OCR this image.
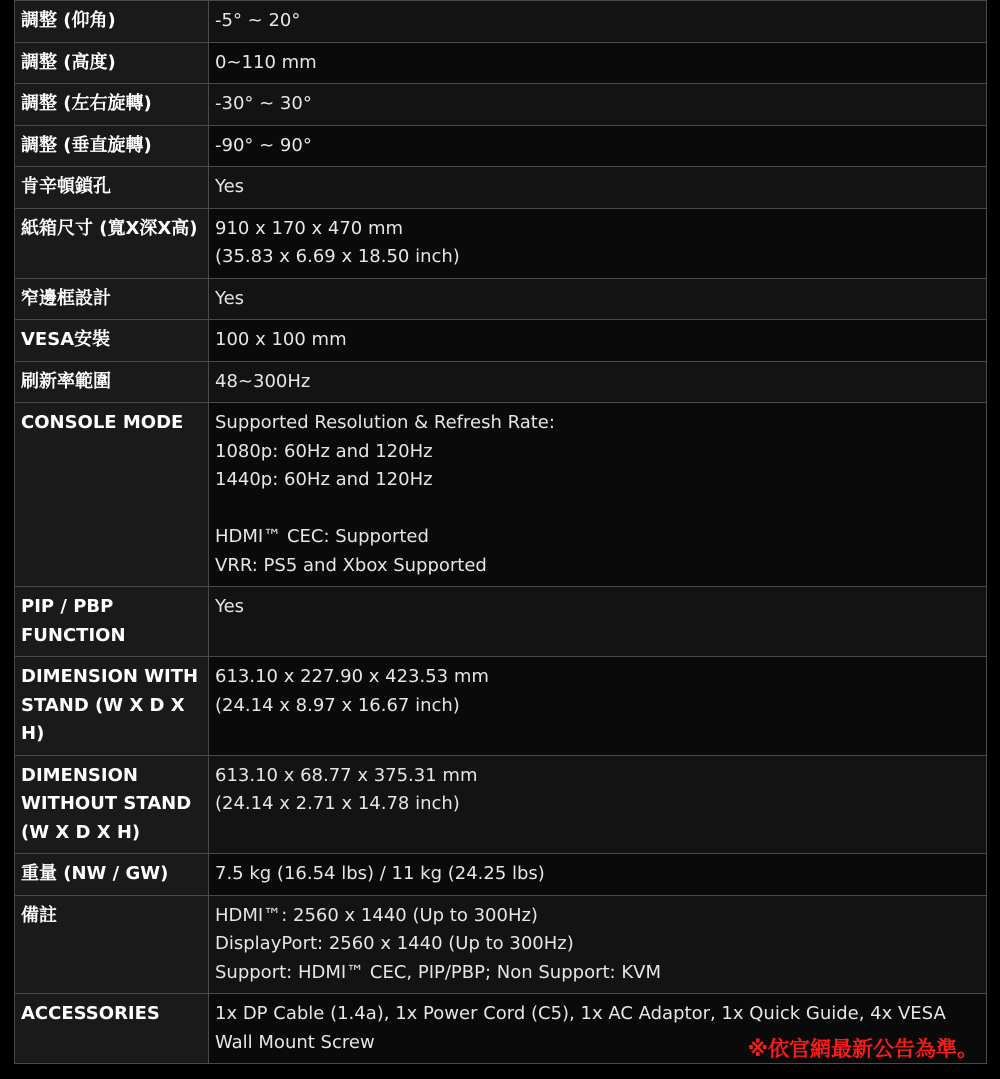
調整 (仰角)	-5° ~ 20°

調整 (高度)	0~110 mm

調整 (左右旋轉)	-30° ~ 30°

調整 (垂直旋轉)	-90° ~ 90°

肯辛頓鎖孔	Yes

紙箱尺寸 (寬X深X高)	910 x 170 x 470 mm
(35.83 x 6.69 x 18.50 inch)

窄邊框設計	Yes

VESA安裝	100 x 100 mm

刷新率範圍	48~300Hz

CONSOLE MODE	Supported Resolution & Refresh Rate:
1080p: 60Hz and 120Hz
1440p: 60Hz and 120Hz
HDMI™ CEC: Supported
VRR: PS5 and Xbox Supported

PIP / PBP FUNCTION	Yes

DIMENSION WITH STAND (W X D X H)	613.10 x 227.90 x 423.53 mm
(24.14 x 8.97 x 16.67 inch)

DIMENSION WITHOUT STAND (W X D X H)	613.10 x 68.77 x 375.31 mm
(24.14 x 2.71 x 14.78 inch)

重量 (NW / GW)	7.5 kg (16.54 lbs) / 11 kg (24.25 lbs)

備註	HDMI™: 2560 x 1440 (Up to 300Hz)
DisplayPort: 2560 x 1440 (Up to 300Hz)
Support: HDMI™ CEC, PIP/PBP; Non Support: KVM

ACCESSORIES	1x DP Cable (1.4a), 1x Power Cord (C5), 1x AC Adaptor, 1x Quick Guide, 4x VESA Wall Mount Screw	※依官網最新公告為準。
